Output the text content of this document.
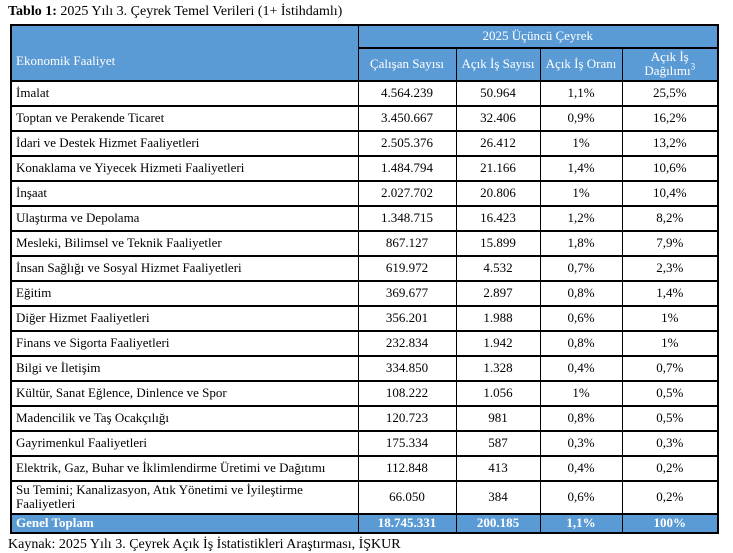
Tablo 1: 2025 Yılı 3. Çeyrek Temel Verileri (1+ İstihdamlı)
Ekonomik Faaliyet	2025 Üçüncü Çeyrek			
	Çalışan Sayısı	Açık İş Sayısı	Açık İş Oranı	Açık İş Dağılımı$^3$
İmalat	4.564.239	50.964	1,1%	25,5%
Toptan ve Perakende Ticaret	3.450.667	32.406	0,9%	16,2%
İdari ve Destek Hizmet Faaliyetleri	2.505.376	26.412	1%	13,2%
Konaklama ve Yiyecek Hizmeti Faaliyetleri	1.484.794	21.166	1,4%	10,6%
İnşaat	2.027.702	20.806	1%	10,4%
Ulaştırma ve Depolama	1.348.715	16.423	1,2%	8,2%
Mesleki, Bilimsel ve Teknik Faaliyetler	867.127	15.899	1,8%	7,9%
İnsan Sağlığı ve Sosyal Hizmet Faaliyetleri	619.972	4.532	0,7%	2,3%
Eğitim	369.677	2.897	0,8%	1,4%
Diğer Hizmet Faaliyetleri	356.201	1.988	0,6%	1%
Finans ve Sigorta Faaliyetleri	232.834	1.942	0,8%	1%
Bilgi ve İletişim	334.850	1.328	0,4%	0,7%
Kültür, Sanat Eğlence, Dinlence ve Spor	108.222	1.056	1%	0,5%
Madencilik ve Taş Ocakçılığı	120.723	981	0,8%	0,5%
Gayrimenkul Faaliyetleri	175.334	587	0,3%	0,3%
Elektrik, Gaz, Buhar ve İklimlendirme Üretimi ve Dağıtımı	112.848	413	0,4%	0,2%
Su Temini; Kanalizasyon, Atık Yönetimi ve İyileştirme Faaliyetleri	66.050	384	0,6%	0,2%
Genel Toplam	18.745.331	200.185	1,1%	100%
Kaynak: 2025 Yılı 3. Çeyrek Açık İş İstatistikleri Araştırması, İŞKUR
